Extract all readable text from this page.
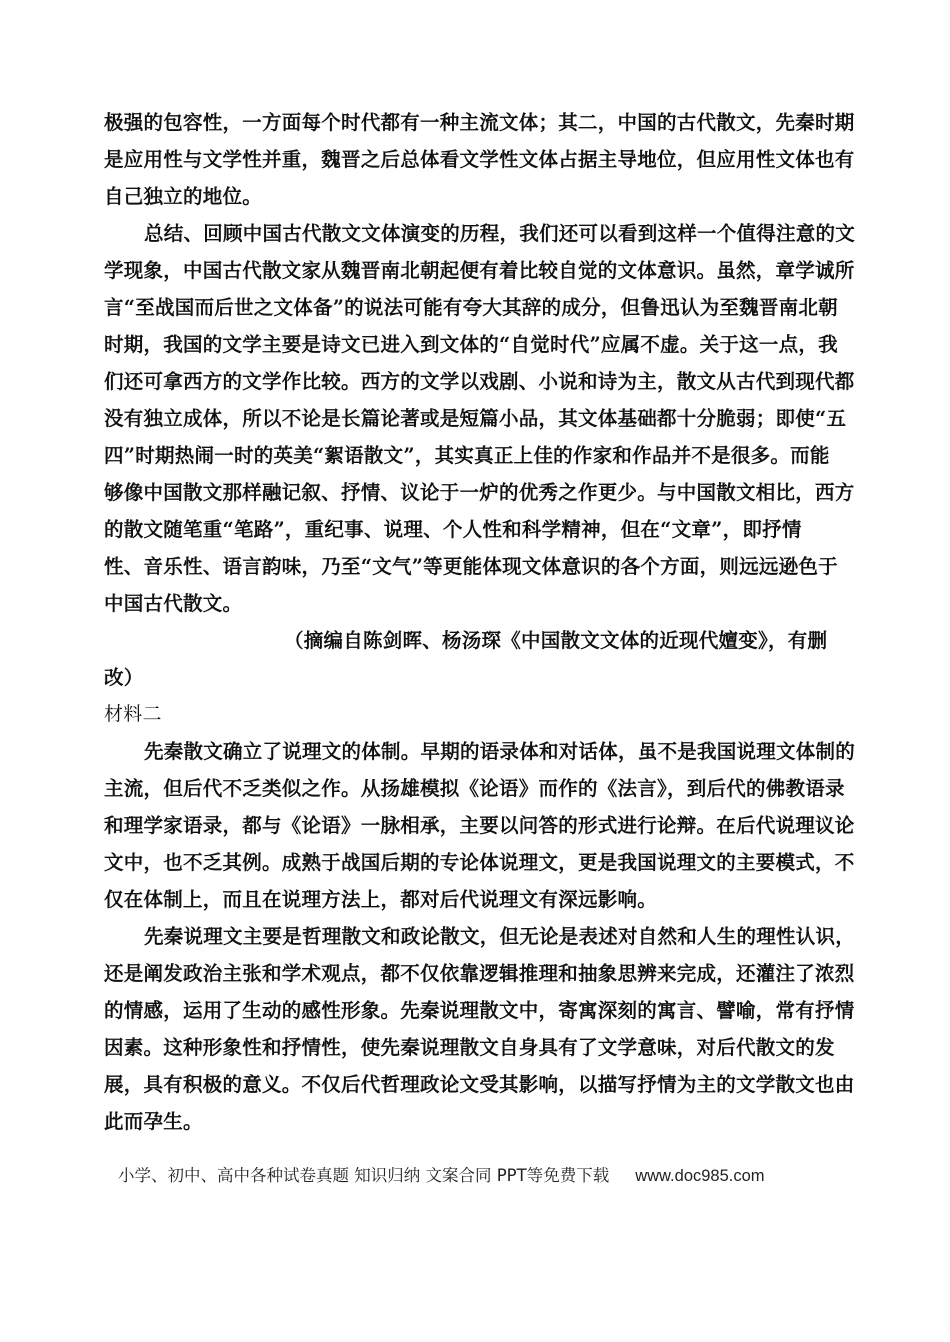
极强的包容性，一方面每个时代都有一种主流文体；其二，中国的古代散文，先秦时期
是应用性与文学性并重，魏晋之后总体看文学性文体占据主导地位，但应用性文体也有
自己独立的地位。
总结、回顾中国古代散文文体演变的历程，我们还可以看到这样一个值得注意的文
学现象，中国古代散文家从魏晋南北朝起便有着比较自觉的文体意识。虽然，章学诚所
言“至战国而后世之文体备”的说法可能有夸大其辞的成分，但鲁迅认为至魏晋南北朝
时期，我国的文学主要是诗文已进入到文体的“自觉时代”应属不虚。关于这一点，我
们还可拿西方的文学作比较。西方的文学以戏剧、小说和诗为主，散文从古代到现代都
没有独立成体，所以不论是长篇论著或是短篇小品，其文体基础都十分脆弱；即使“五
四”时期热闹一时的英美“絮语散文”，其实真正上佳的作家和作品并不是很多。而能
够像中国散文那样融记叙、抒情、议论于一炉的优秀之作更少。与中国散文相比，西方
的散文随笔重“笔路”，重纪事、说理、个人性和科学精神，但在“文章”，即抒情
性、音乐性、语言韵味，乃至“文气”等更能体现文体意识的各个方面，则远远逊色于
中国古代散文。
（摘编自陈剑晖、杨汤琛《中国散文文体的近现代嬗变》，有删
改）
材料二
先秦散文确立了说理文的体制。早期的语录体和对话体，虽不是我国说理文体制的
主流，但后代不乏类似之作。从扬雄模拟《论语》而作的《法言》，到后代的佛教语录
和理学家语录，都与《论语》一脉相承，主要以问答的形式进行论辩。在后代说理议论
文中，也不乏其例。成熟于战国后期的专论体说理文，更是我国说理文的主要模式，不
仅在体制上，而且在说理方法上，都对后代说理文有深远影响。
先秦说理文主要是哲理散文和政论散文，但无论是表述对自然和人生的理性认识，
还是阐发政治主张和学术观点，都不仅依靠逻辑推理和抽象思辨来完成，还灌注了浓烈
的情感，运用了生动的感性形象。先秦说理散文中，寄寓深刻的寓言、譬喻，常有抒情
因素。这种形象性和抒情性，使先秦说理散文自身具有了文学意味，对后代散文的发
展，具有积极的意义。不仅后代哲理政论文受其影响，以描写抒情为主的文学散文也由
此而孕生。
小学、初中、高中各种试卷真题 知识归纳 文案合同 PPT等免费下载 www.doc985.com
